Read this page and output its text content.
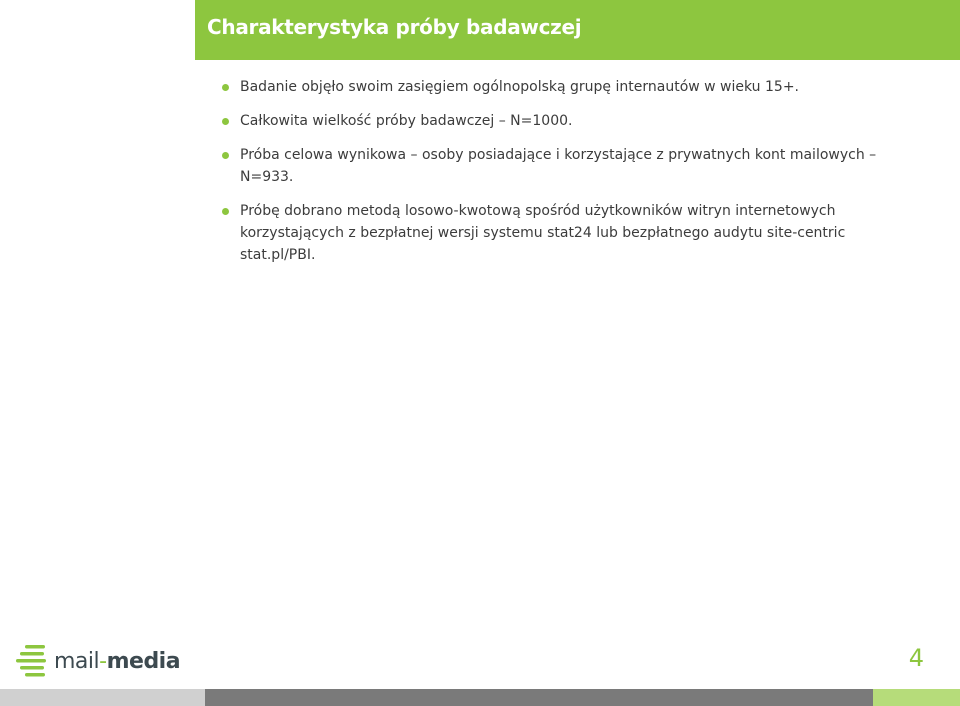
Charakterystyka próby badawczej
Badanie objęło swoim zasięgiem ogólnopolską grupę internautów w wieku 15+.
Całkowita wielkość próby badawczej – N=1000.
Próba celowa wynikowa – osoby posiadające i korzystające z prywatnych kont mailowych – N=933.
Próbę dobrano metodą losowo-kwotową spośród użytkowników witryn internetowych korzystających z bezpłatnej wersji systemu stat24 lub bezpłatnego audytu site-centric stat.pl/PBI.
mail-media	4
